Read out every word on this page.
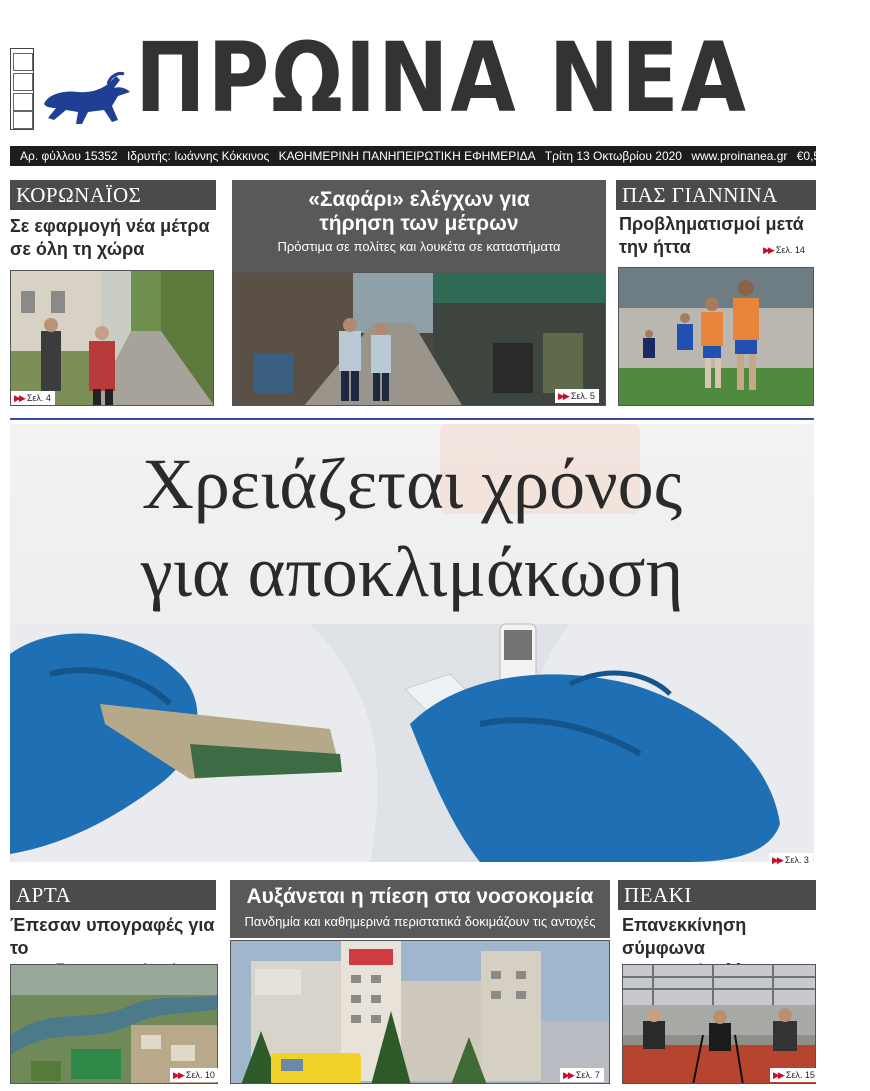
ΠΡΩΙΝΑ ΝΕΑ
Αρ. φύλλου 15352 Ιδρυτής: Ιωάννης Κόκκινος ΚΑΘΗΜΕΡΙΝΗ ΠΑΝΗΠΕΙΡΩΤΙΚΗ ΕΦΗΜΕΡΙΔΑ Τρίτη 13 Οκτωβρίου 2020 www.proinanea.gr €0,50
ΚΟΡΩΝΑΪΟΣ
Σε εφαρμογή νέα μέτρα
σε όλη τη χώρα
▶▶ Σελ. 4
«Σαφάρι» ελέγχων για
τήρηση των μέτρων
Πρόστιμα σε πολίτες και λουκέτα σε καταστήματα
▶▶ Σελ. 5
ΠΑΣ ΓΙΑΝΝΙΝΑ
Προβληματισμοί μετά
την ήττα	▶▶ Σελ. 14
Χρειάζεται χρόνος
για αποκλιμάκωση
▶▶ Σελ. 3
ΑΡΤΑ
Έπεσαν υπογραφές για το
▶▶ Σελ. 10
Αυξάνεται η πίεση στα νοσοκομεία
Πανδημία και καθημερινά περιστατικά δοκιμάζουν τις αντοχές
▶▶ Σελ. 7
ΠΕΑΚΙ
Επανεκκίνηση σύμφωνα
▶▶ Σελ. 15
